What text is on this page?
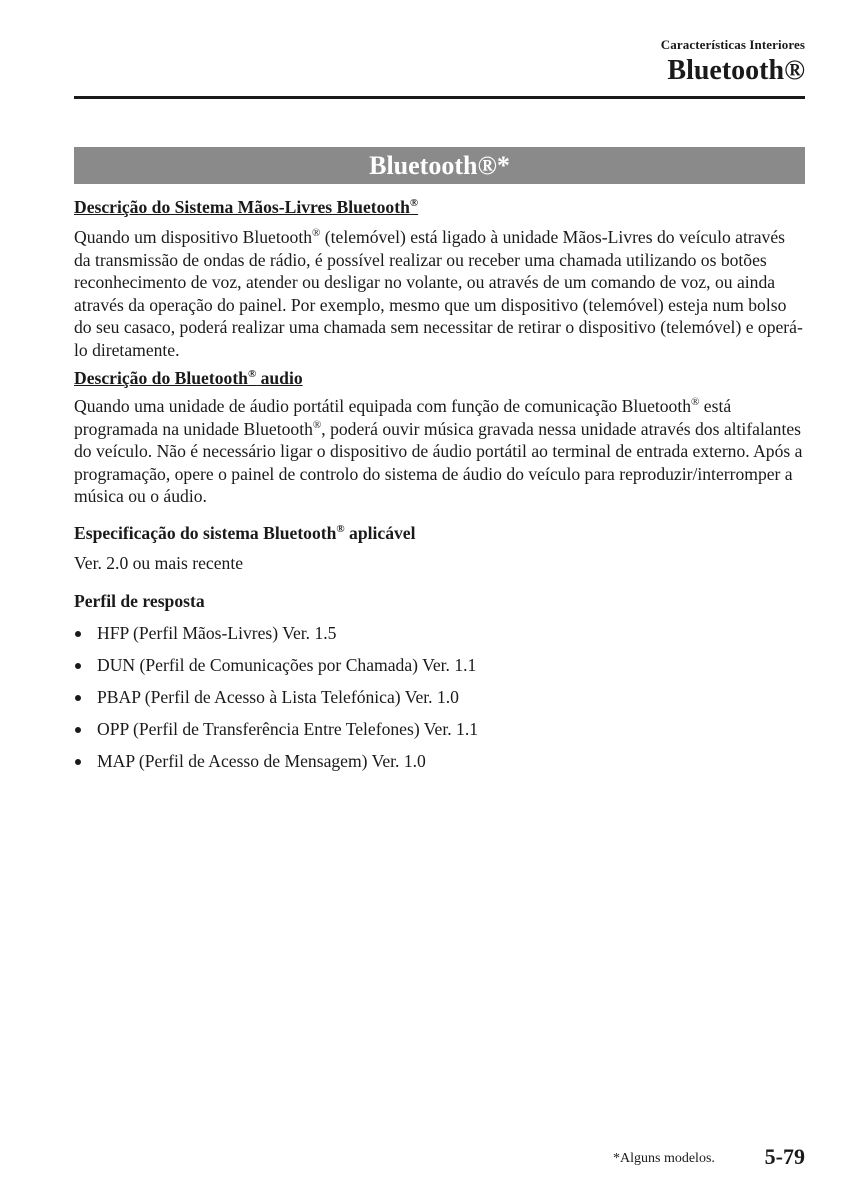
Características Interiores
Bluetooth®
Bluetooth®*
Descrição do Sistema Mãos-Livres Bluetooth®

Quando um dispositivo Bluetooth® (telemóvel) está ligado à unidade Mãos-Livres do veículo através da transmissão de ondas de rádio, é possível realizar ou receber uma chamada utilizando os botões reconhecimento de voz, atender ou desligar no volante, ou através de um comando de voz, ou ainda através da operação do painel. Por exemplo, mesmo que um dispositivo (telemóvel) esteja num bolso do seu casaco, poderá realizar uma chamada sem necessitar de retirar o dispositivo (telemóvel) e operá-lo diretamente.

Descrição do Bluetooth® audio

Quando uma unidade de áudio portátil equipada com função de comunicação Bluetooth® está programada na unidade Bluetooth®, poderá ouvir música gravada nessa unidade através dos altifalantes do veículo. Não é necessário ligar o dispositivo de áudio portátil ao terminal de entrada externo. Após a programação, opere o painel de controlo do sistema de áudio do veículo para reproduzir/interromper a música ou o áudio.

Especificação do sistema Bluetooth® aplicável

Ver. 2.0 ou mais recente

Perfil de resposta
HFP (Perfil Mãos-Livres) Ver. 1.5
DUN (Perfil de Comunicações por Chamada) Ver. 1.1
PBAP (Perfil de Acesso à Lista Telefónica) Ver. 1.0
OPP (Perfil de Transferência Entre Telefones) Ver. 1.1
MAP (Perfil de Acesso de Mensagem) Ver. 1.0
*Alguns modelos. 5-79
